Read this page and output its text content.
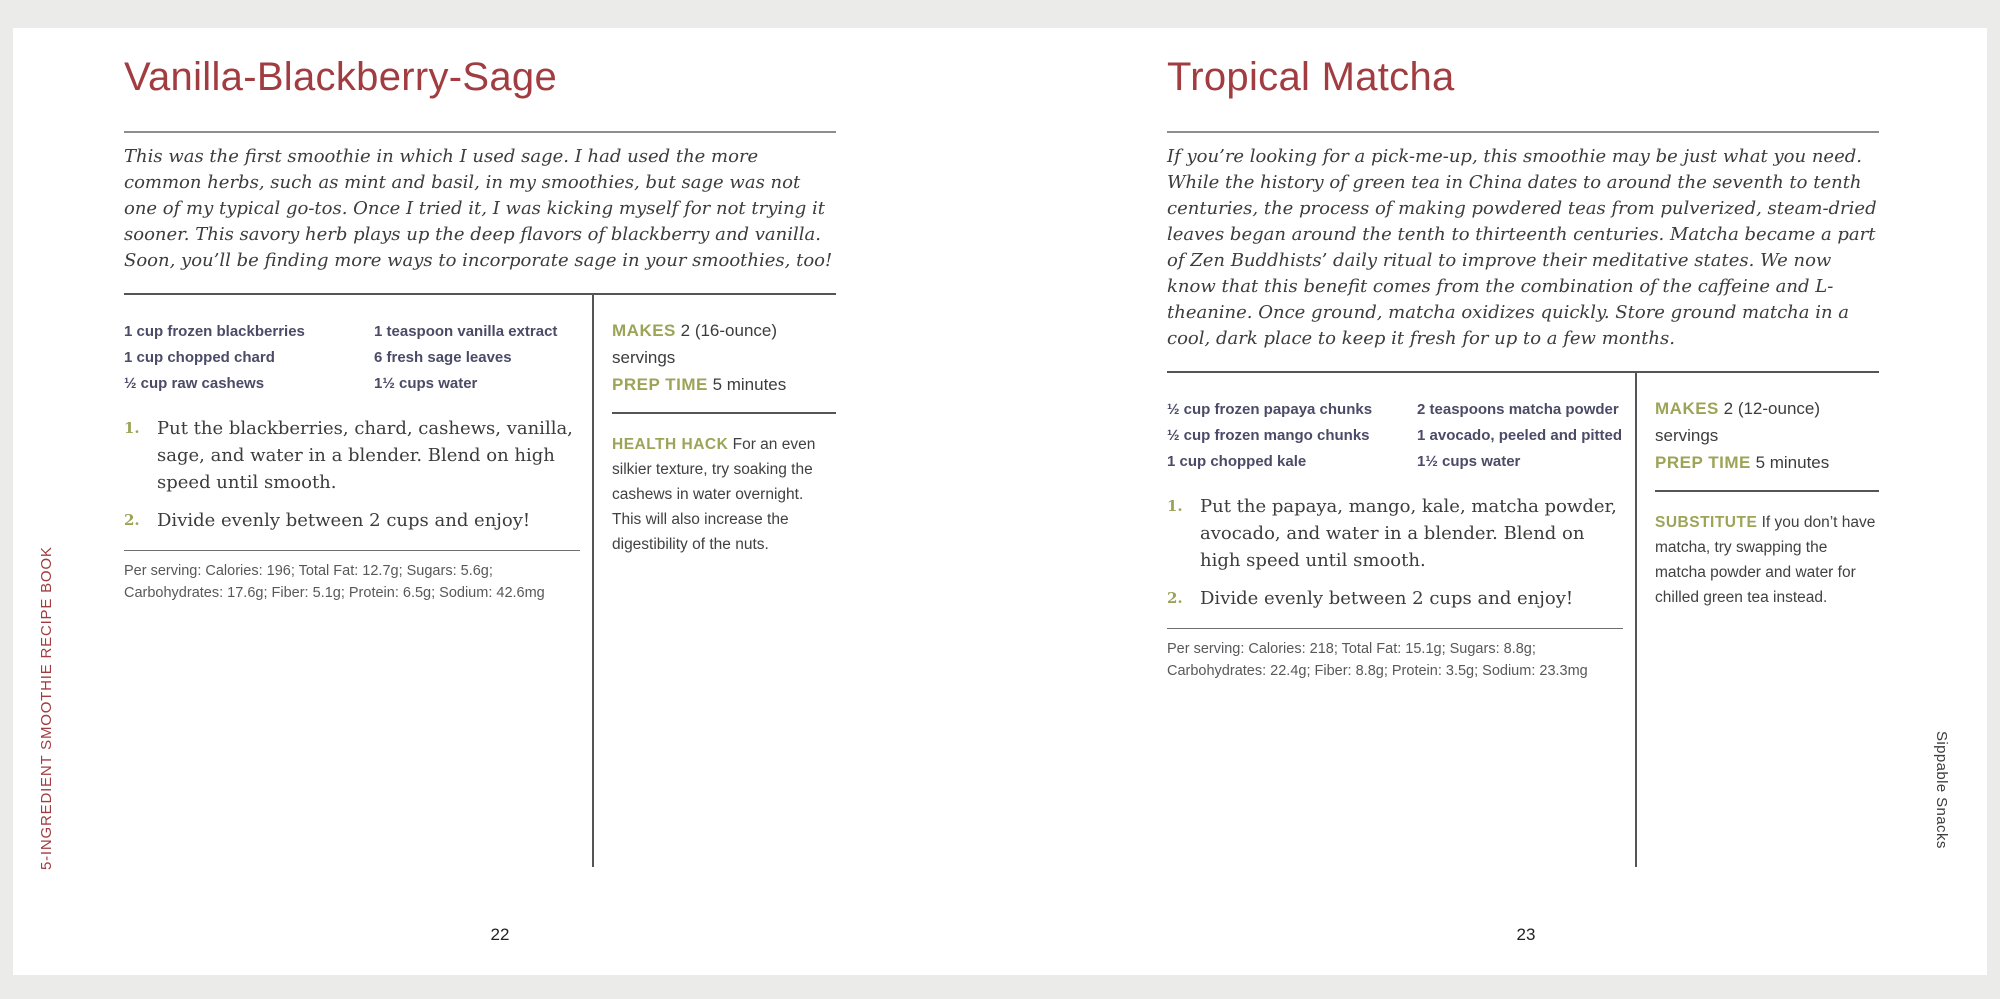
Vanilla-Blackberry-Sage

This was the first smoothie in which I used sage. I had used the more common herbs, such as mint and basil, in my smoothies, but sage was not one of my typical go-tos. Once I tried it, I was kicking myself for not trying it sooner. This savory herb plays up the deep flavors of blackberry and vanilla. Soon, you’ll be finding more ways to incorporate sage in your smoothies, too!

1 cup frozen blackberries
1 cup chopped chard
½ cup raw cashews
1 teaspoon vanilla extract
6 fresh sage leaves
1½ cups water
1. Put the blackberries, chard, cashews, vanilla, sage, and water in a blender. Blend on high speed until smooth.
2. Divide evenly between 2 cups and enjoy!

Per serving: Calories: 196; Total Fat: 12.7g; Sugars: 5.6g; Carbohydrates: 17.6g; Fiber: 5.1g; Protein: 6.5g; Sodium: 42.6mg

MAKES 2 (16-ounce) servings
PREP TIME 5 minutes
HEALTH HACK For an even silkier texture, try soaking the cashews in water overnight. This will also increase the digestibility of the nuts.
Tropical Matcha

If you’re looking for a pick-me-up, this smoothie may be just what you need. While the history of green tea in China dates to around the seventh to tenth centuries, the process of making powdered teas from pulverized, steam-dried leaves began around the tenth to thirteenth centuries. Matcha became a part of Zen Buddhists’ daily ritual to improve their meditative states. We now know that this benefit comes from the combination of the caffeine and L-theanine. Once ground, matcha oxidizes quickly. Store ground matcha in a cool, dark place to keep it fresh for up to a few months.

½ cup frozen papaya chunks
½ cup frozen mango chunks
1 cup chopped kale
2 teaspoons matcha powder
1 avocado, peeled and pitted
1½ cups water
1. Put the papaya, mango, kale, matcha powder, avocado, and water in a blender. Blend on high speed until smooth.
2. Divide evenly between 2 cups and enjoy!

Per serving: Calories: 218; Total Fat: 15.1g; Sugars: 8.8g; Carbohydrates: 22.4g; Fiber: 8.8g; Protein: 3.5g; Sodium: 23.3mg

MAKES 2 (12-ounce) servings
PREP TIME 5 minutes
SUBSTITUTE If you don’t have matcha, try swapping the matcha powder and water for chilled green tea instead.
5-INGREDIENT SMOOTHIE RECIPE BOOK	Sippable Snacks
22	23
